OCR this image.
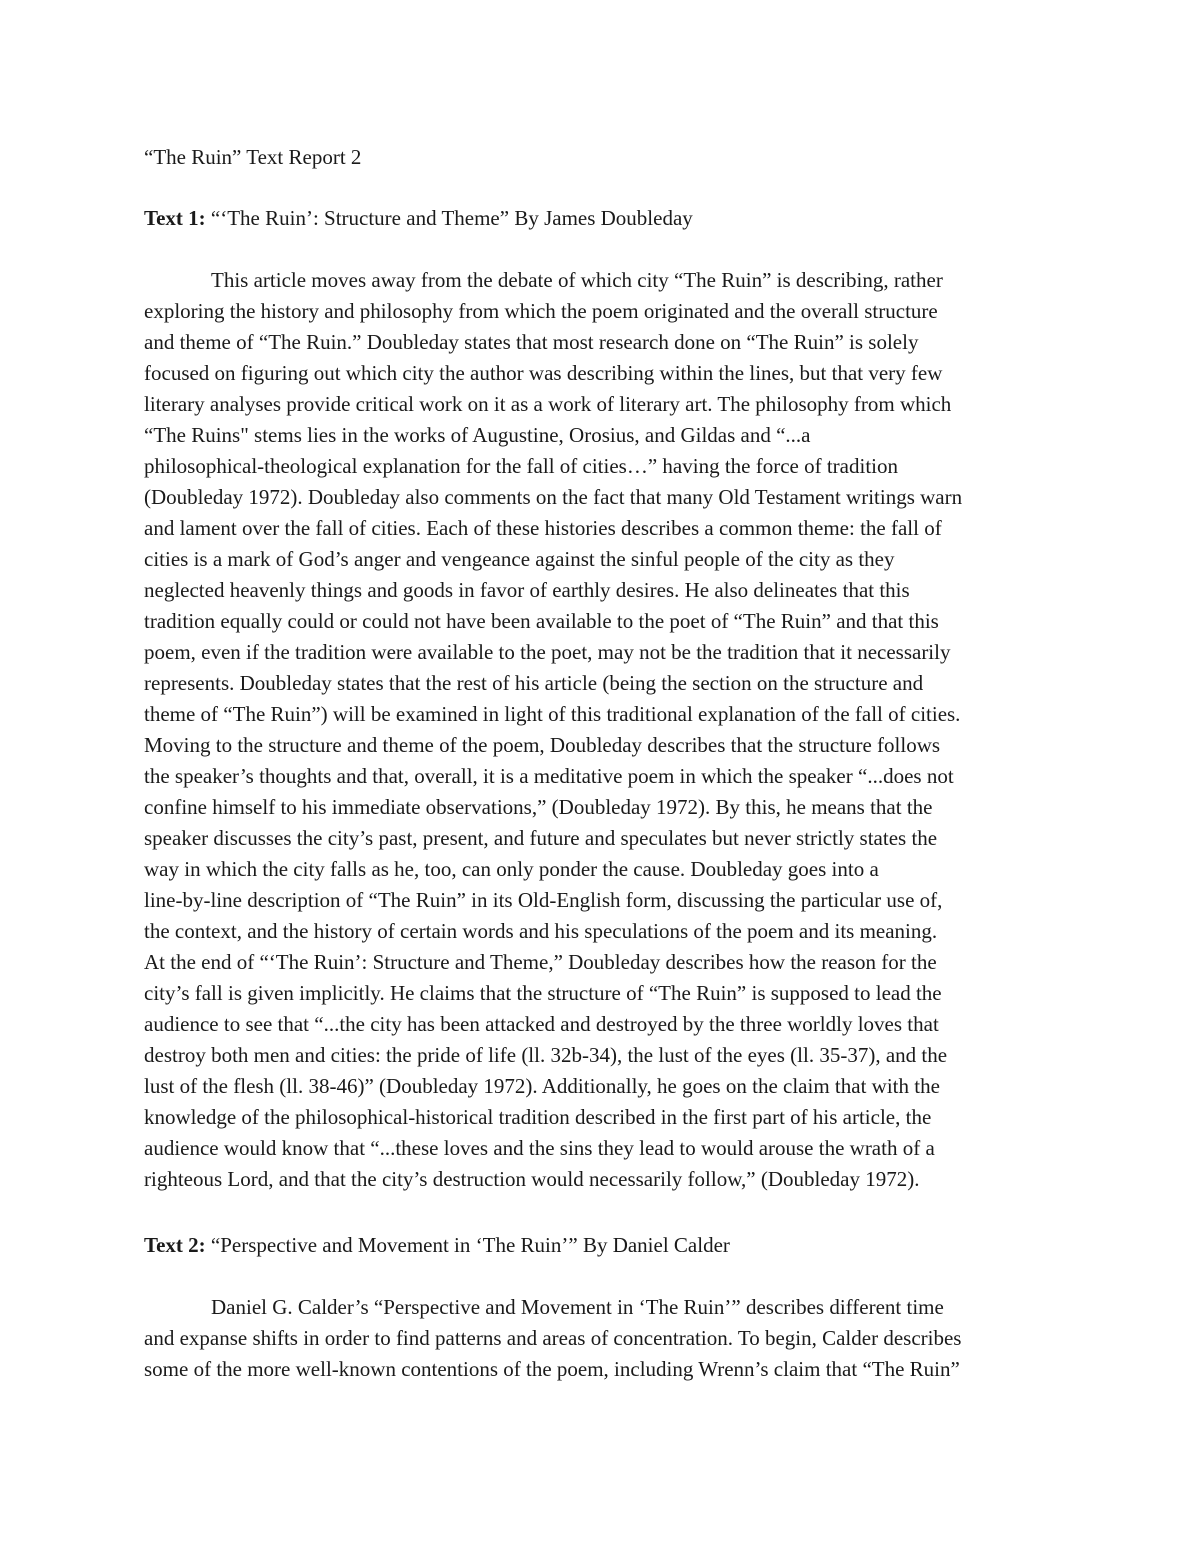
“The Ruin” Text Report 2

Text 1: “‘The Ruin’: Structure and Theme” By James Doubleday

This article moves away from the debate of which city “The Ruin” is describing, rather
exploring the history and philosophy from which the poem originated and the overall structure
and theme of “The Ruin.” Doubleday states that most research done on “The Ruin” is solely
focused on figuring out which city the author was describing within the lines, but that very few
literary analyses provide critical work on it as a work of literary art. The philosophy from which
“The Ruins" stems lies in the works of Augustine, Orosius, and Gildas and “...a
philosophical-theological explanation for the fall of cities…” having the force of tradition
(Doubleday 1972). Doubleday also comments on the fact that many Old Testament writings warn
and lament over the fall of cities. Each of these histories describes a common theme: the fall of
cities is a mark of God’s anger and vengeance against the sinful people of the city as they
neglected heavenly things and goods in favor of earthly desires. He also delineates that this
tradition equally could or could not have been available to the poet of “The Ruin” and that this
poem, even if the tradition were available to the poet, may not be the tradition that it necessarily
represents. Doubleday states that the rest of his article (being the section on the structure and
theme of “The Ruin”) will be examined in light of this traditional explanation of the fall of cities.
Moving to the structure and theme of the poem, Doubleday describes that the structure follows
the speaker’s thoughts and that, overall, it is a meditative poem in which the speaker “...does not
confine himself to his immediate observations,” (Doubleday 1972). By this, he means that the
speaker discusses the city’s past, present, and future and speculates but never strictly states the
way in which the city falls as he, too, can only ponder the cause. Doubleday goes into a
line-by-line description of “The Ruin” in its Old-English form, discussing the particular use of,
the context, and the history of certain words and his speculations of the poem and its meaning.
At the end of “‘The Ruin’: Structure and Theme,” Doubleday describes how the reason for the
city’s fall is given implicitly. He claims that the structure of “The Ruin” is supposed to lead the
audience to see that “...the city has been attacked and destroyed by the three worldly loves that
destroy both men and cities: the pride of life (ll. 32b-34), the lust of the eyes (ll. 35-37), and the
lust of the flesh (ll. 38-46)” (Doubleday 1972). Additionally, he goes on the claim that with the
knowledge of the philosophical-historical tradition described in the first part of his article, the
audience would know that “...these loves and the sins they lead to would arouse the wrath of a
righteous Lord, and that the city’s destruction would necessarily follow,” (Doubleday 1972).

Text 2: “Perspective and Movement in ‘The Ruin’” By Daniel Calder

Daniel G. Calder’s “Perspective and Movement in ‘The Ruin’” describes different time
and expanse shifts in order to find patterns and areas of concentration. To begin, Calder describes
some of the more well-known contentions of the poem, including Wrenn’s claim that “The Ruin”
